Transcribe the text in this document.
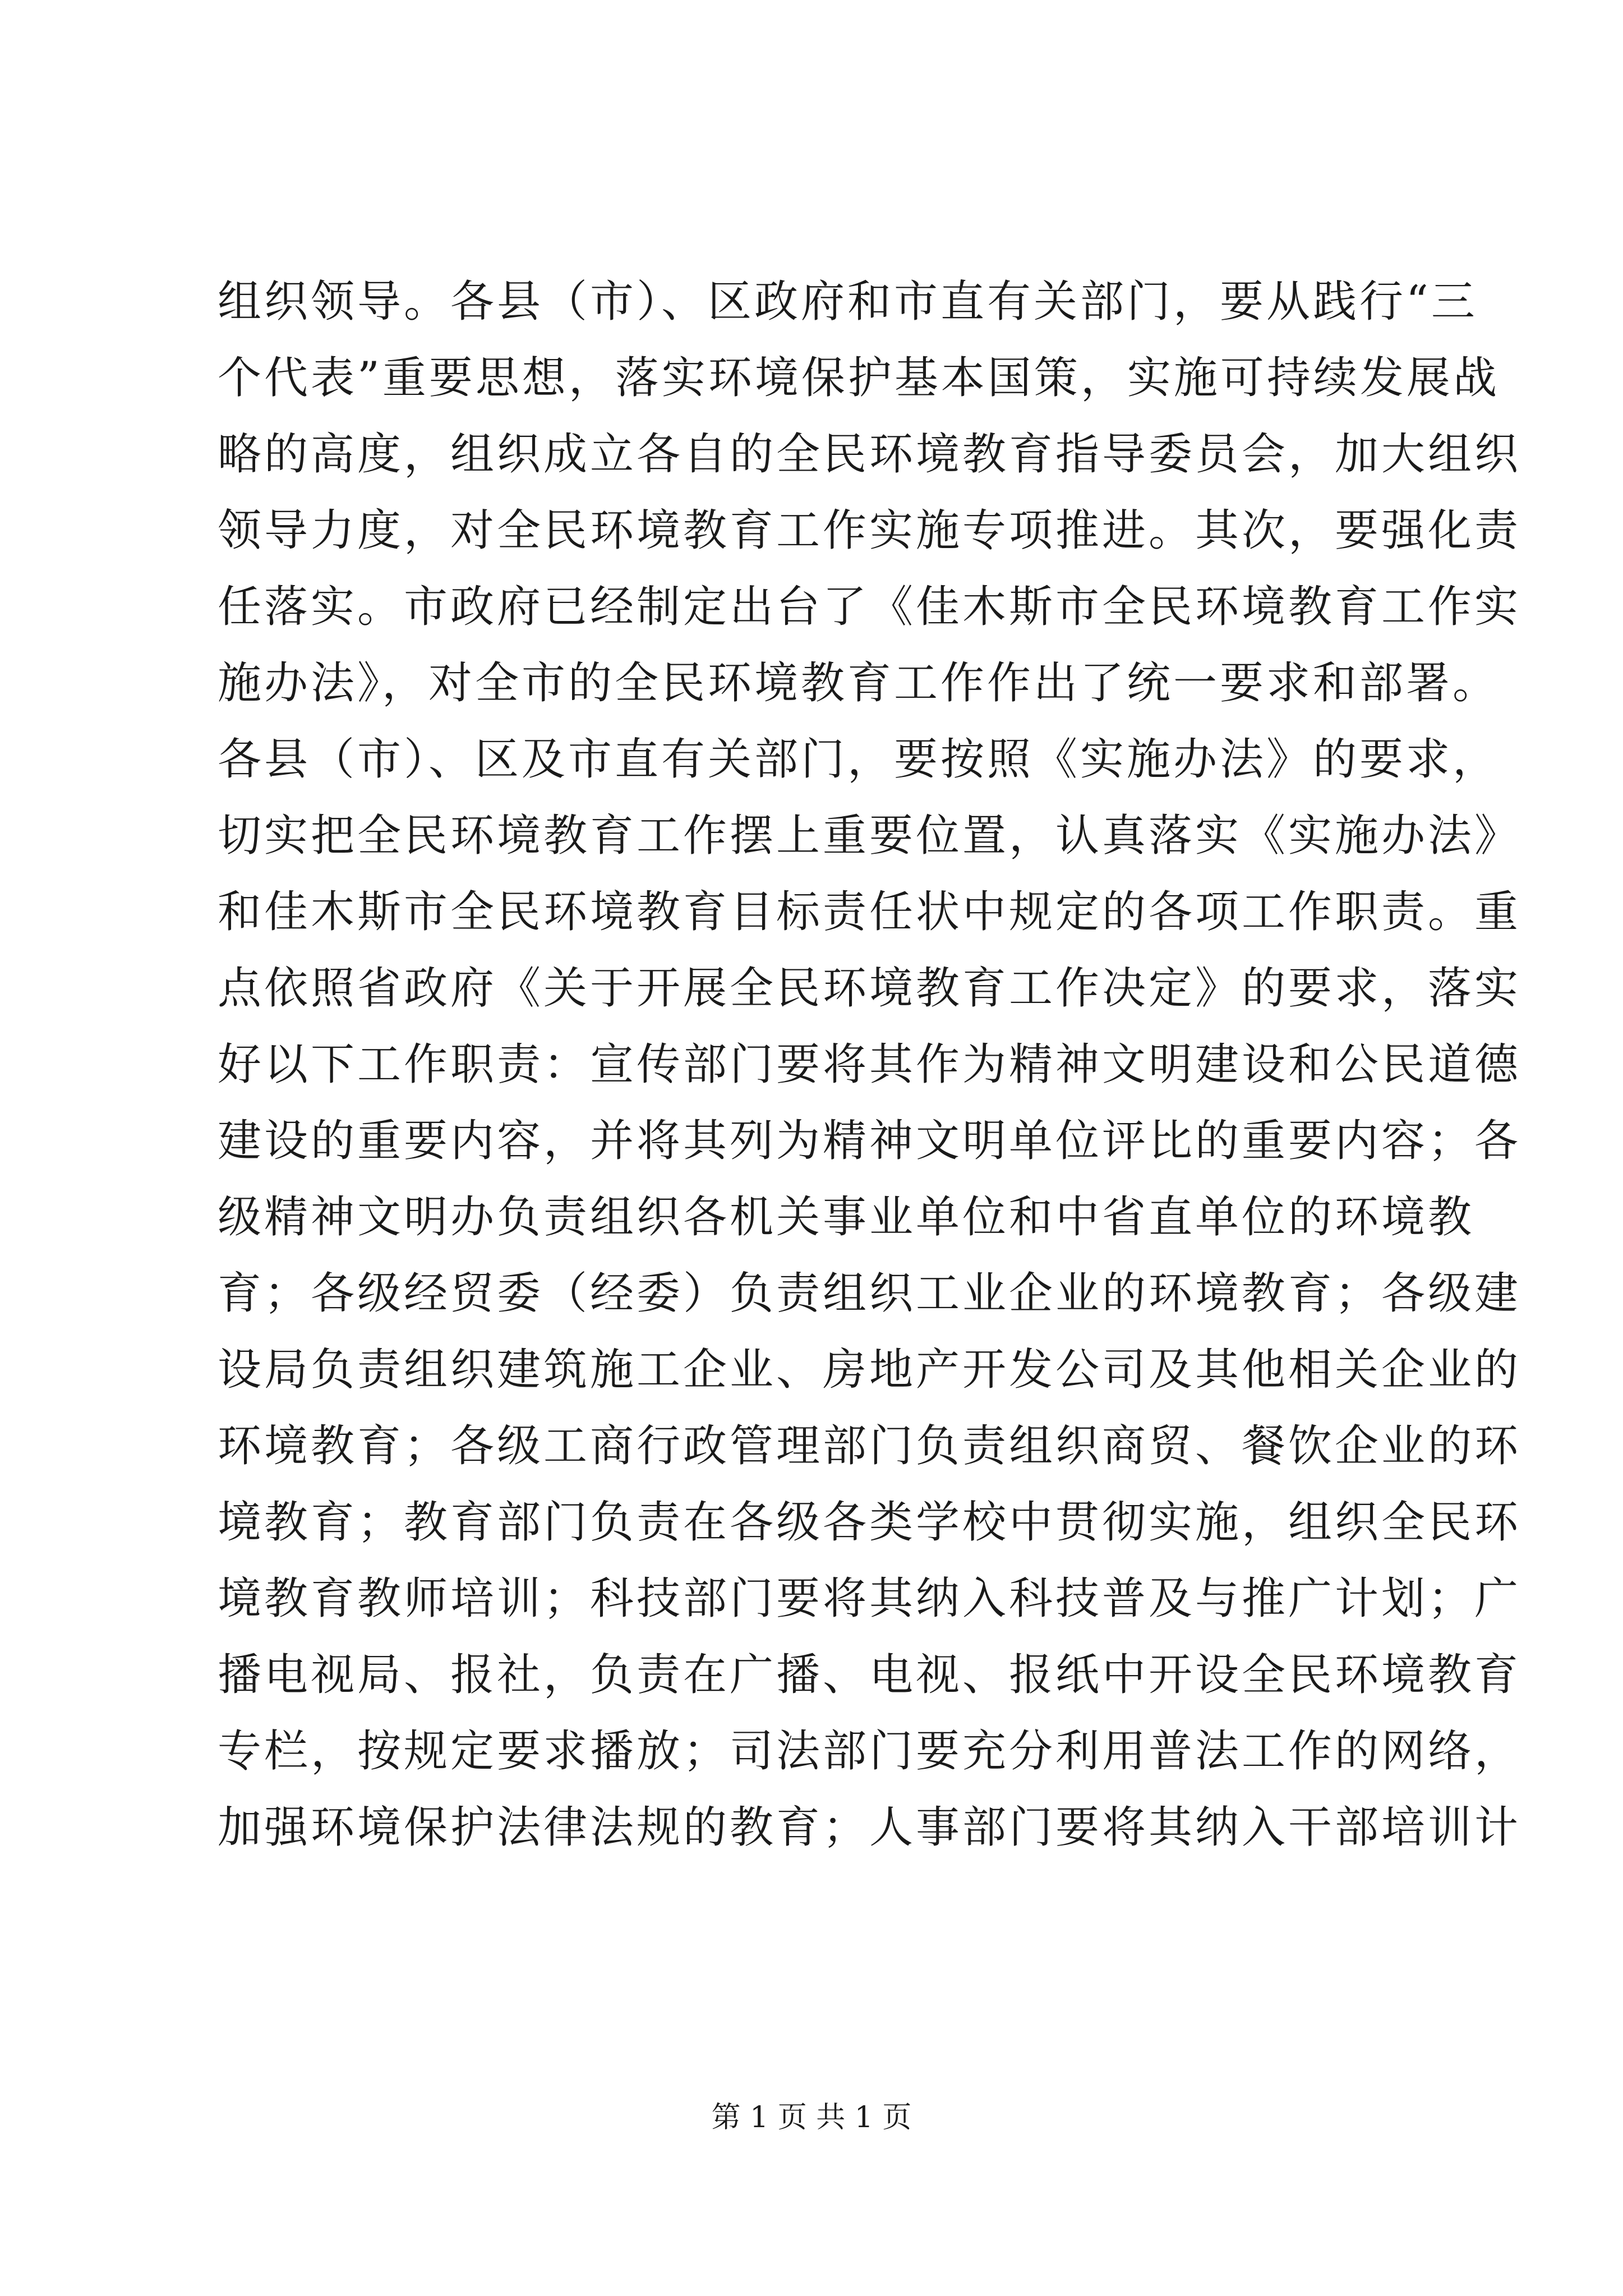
组织领导。各县（市）、区政府和市直有关部门，要从践行“三
个代表”重要思想，落实环境保护基本国策，实施可持续发展战
略的高度，组织成立各自的全民环境教育指导委员会，加大组织
领导力度，对全民环境教育工作实施专项推进。其次，要强化责
任落实。市政府已经制定出台了《佳木斯市全民环境教育工作实
施办法》，对全市的全民环境教育工作作出了统一要求和部署。
各县（市）、区及市直有关部门，要按照《实施办法》的要求，
切实把全民环境教育工作摆上重要位置，认真落实《实施办法》
和佳木斯市全民环境教育目标责任状中规定的各项工作职责。重
点依照省政府《关于开展全民环境教育工作决定》的要求，落实
好以下工作职责：宣传部门要将其作为精神文明建设和公民道德
建设的重要内容，并将其列为精神文明单位评比的重要内容；各
级精神文明办负责组织各机关事业单位和中省直单位的环境教
育；各级经贸委（经委）负责组织工业企业的环境教育；各级建
设局负责组织建筑施工企业、房地产开发公司及其他相关企业的
环境教育；各级工商行政管理部门负责组织商贸、餐饮企业的环
境教育；教育部门负责在各级各类学校中贯彻实施，组织全民环
境教育教师培训；科技部门要将其纳入科技普及与推广计划；广
播电视局、报社，负责在广播、电视、报纸中开设全民环境教育
专栏，按规定要求播放；司法部门要充分利用普法工作的网络，
加强环境保护法律法规的教育；人事部门要将其纳入干部培训计
第 1 页 共 1 页
